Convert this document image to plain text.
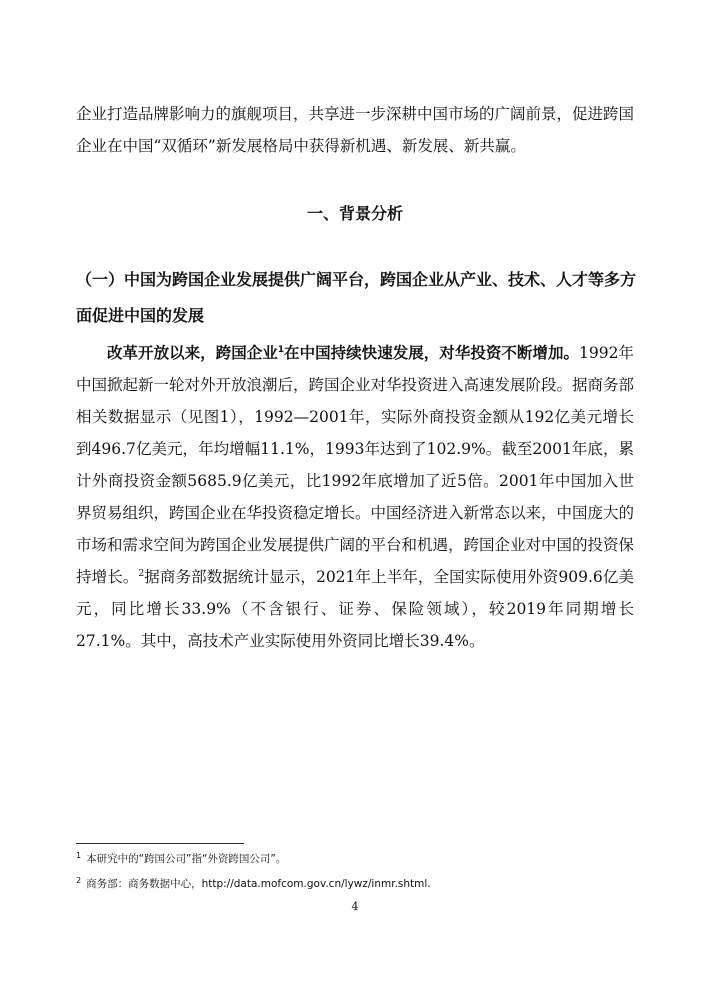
企业打造品牌影响力的旗舰项目，共享进一步深耕中国市场的广阔前景，促进跨国企业在中国“双循环”新发展格局中获得新机遇、新发展、新共赢。

一、背景分析
（一）中国为跨国企业发展提供广阔平台，跨国企业从产业、技术、人才等多方面促进中国的发展

改革开放以来，跨国企业$^1$在中国持续快速发展，对华投资不断增加。1992年中国掀起新一轮对外开放浪潮后，跨国企业对华投资进入高速发展阶段。据商务部相关数据显示（见图1），1992—2001年，实际外商投资金额从192亿美元增长到496.7亿美元，年均增幅11.1%，1993年达到了102.9%。截至2001年底，累计外商投资金额5685.9亿美元，比1992年底增加了近5倍。2001年中国加入世界贸易组织，跨国企业在华投资稳定增长。中国经济进入新常态以来，中国庞大的市场和需求空间为跨国企业发展提供广阔的平台和机遇，跨国企业对中国的投资保持增长。$^2$据商务部数据统计显示，2021年上半年，全国实际使用外资909.6亿美元，同比增长33.9%（不含银行、证券、保险领域），较2019年同期增长27.1%。其中，高技术产业实际使用外资同比增长39.4%。

$^1$ 本研究中的“跨国公司”指“外资跨国公司”。

$^2$ 商务部：商务数据中心，http://data.mofcom.gov.cn/lywz/inmr.shtml.

4
